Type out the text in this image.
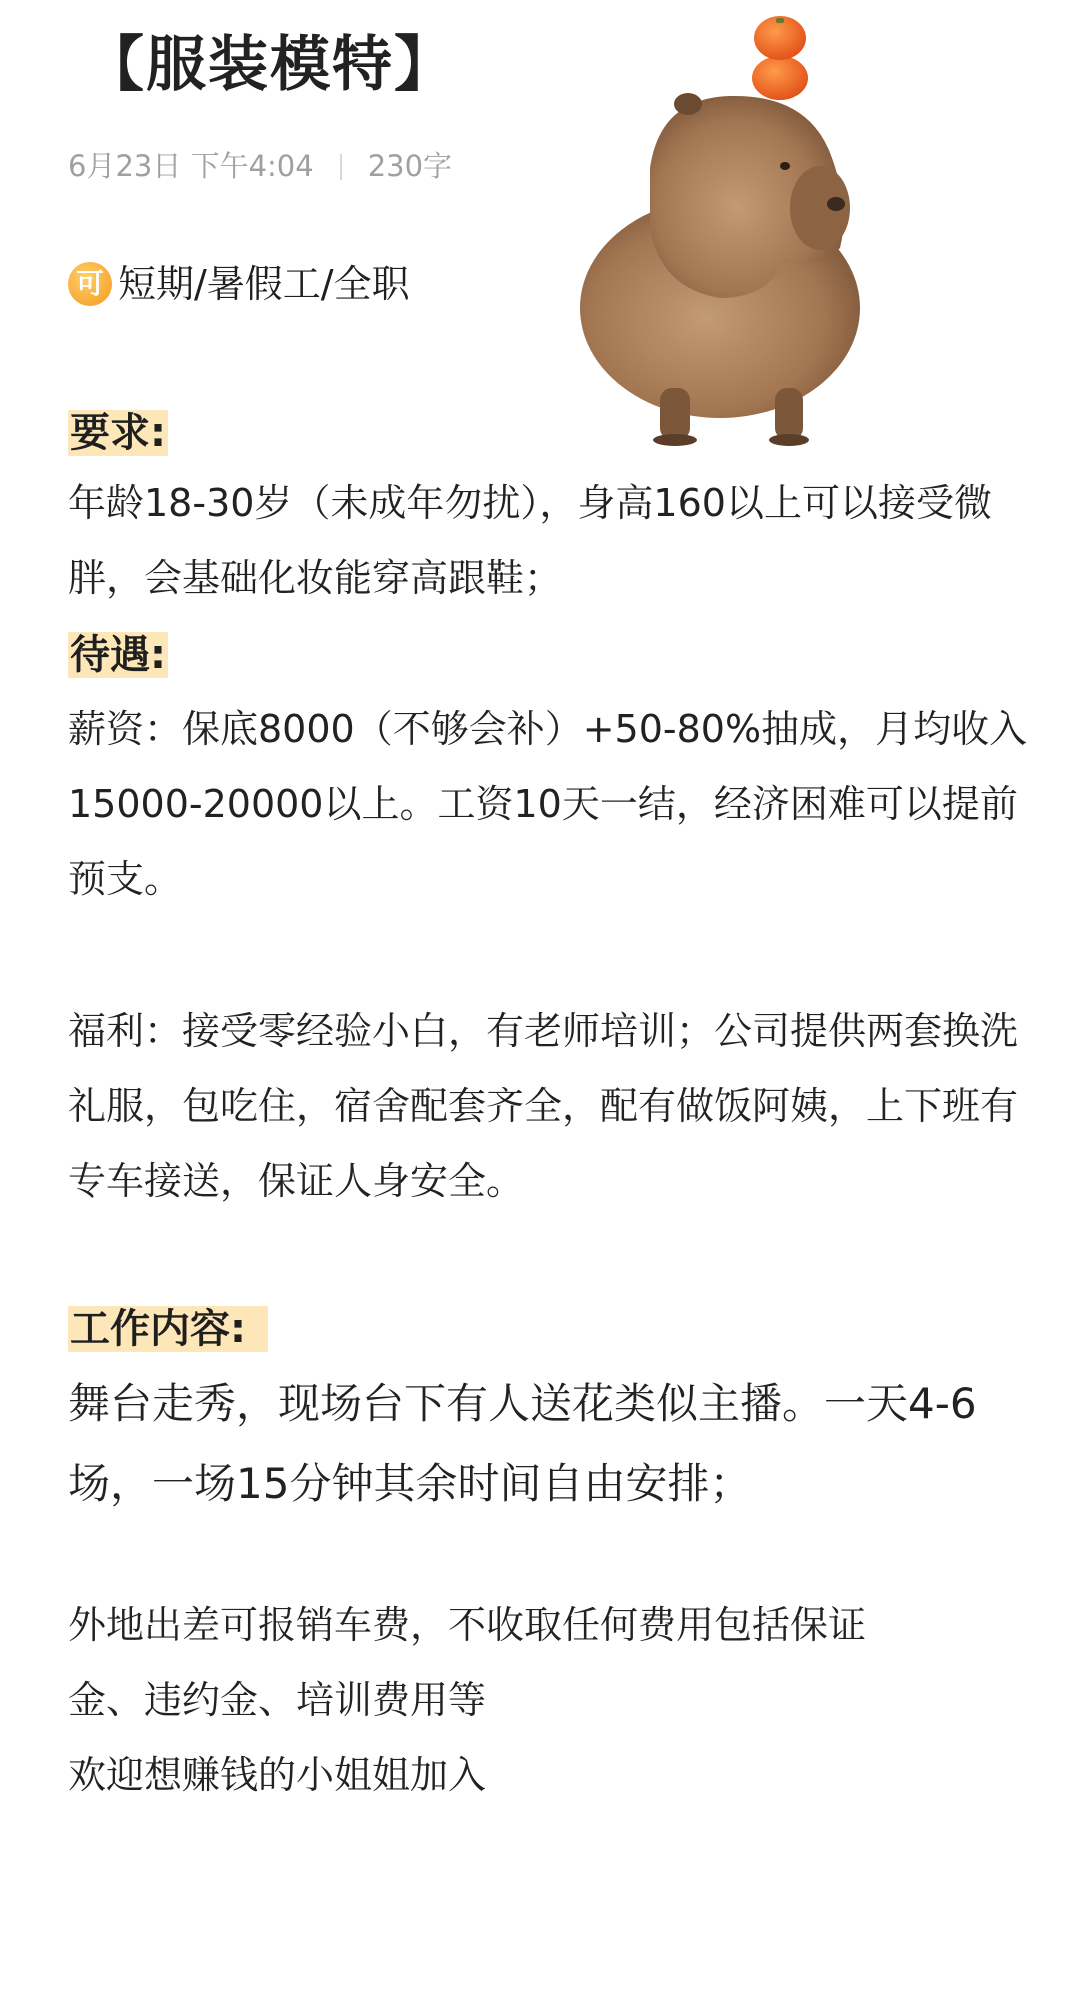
【服装模特】
6月23日 下午4:04 230字
可 短期/暑假工/全职
要求:
年龄18-30岁（未成年勿扰），身高160以上可以接受微胖，会基础化妆能穿高跟鞋；
待遇:
薪资：保底8000（不够会补）+50-80%抽成，月均收入15000-20000以上。工资10天一结，经济困难可以提前预支。
福利：接受零经验小白，有老师培训；公司提供两套换洗礼服，包吃住，宿舍配套齐全，配有做饭阿姨，上下班有专车接送，保证人身安全。
工作内容:
舞台走秀，现场台下有人送花类似主播。一天4-6场，一场15分钟其余时间自由安排；
外地出差可报销车费，不收取任何费用包括保证
金、违约金、培训费用等
欢迎想赚钱的小姐姐加入
